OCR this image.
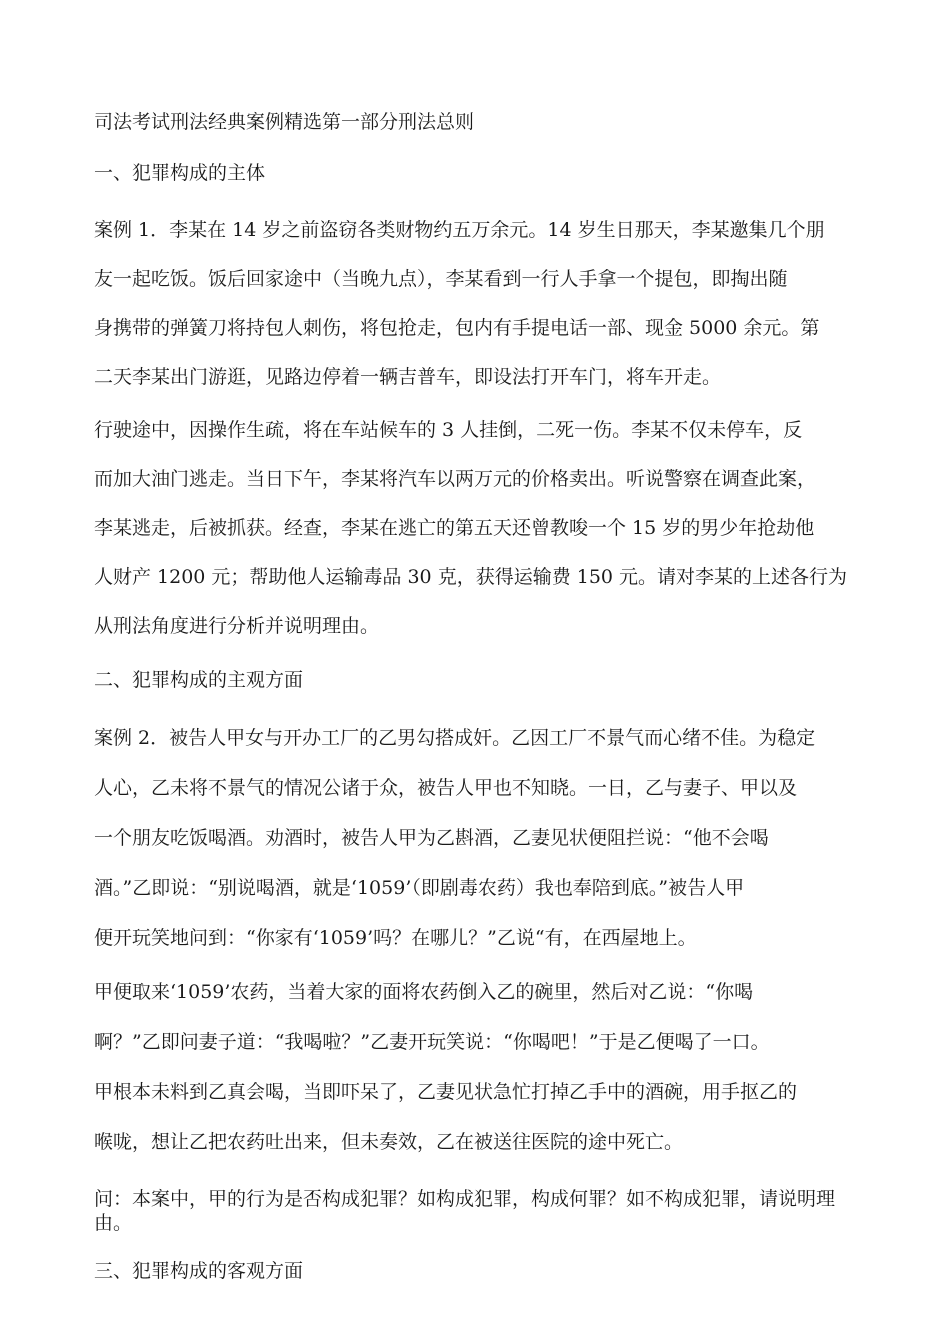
司法考试刑法经典案例精选第一部分刑法总则

一、犯罪构成的主体

案例 1．李某在 14 岁之前盗窃各类财物约五万余元。14 岁生日那天，李某邀集几个朋

友一起吃饭。饭后回家途中（当晚九点），李某看到一行人手拿一个提包，即掏出随

身携带的弹簧刀将持包人刺伤，将包抢走，包内有手提电话一部、现金 5000 余元。第

二天李某出门游逛，见路边停着一辆吉普车，即设法打开车门，将车开走。

行驶途中，因操作生疏，将在车站候车的 3 人挂倒，二死一伤。李某不仅未停车，反

而加大油门逃走。当日下午，李某将汽车以两万元的价格卖出。听说警察在调查此案，

李某逃走，后被抓获。经查，李某在逃亡的第五天还曾教唆一个 15 岁的男少年抢劫他

人财产 1200 元；帮助他人运输毒品 30 克，获得运输费 150 元。请对李某的上述各行为

从刑法角度进行分析并说明理由。

二、犯罪构成的主观方面

案例 2．被告人甲女与开办工厂的乙男勾搭成奸。乙因工厂不景气而心绪不佳。为稳定

人心，乙未将不景气的情况公诸于众，被告人甲也不知晓。一日，乙与妻子、甲以及

一个朋友吃饭喝酒。劝酒时，被告人甲为乙斟酒，乙妻见状便阻拦说：“他不会喝

酒。”乙即说：“别说喝酒，就是‘1059’（即剧毒农药）我也奉陪到底。”被告人甲

便开玩笑地问到：“你家有‘1059’吗？在哪儿？”乙说“有，在西屋地上。

甲便取来‘1059’农药，当着大家的面将农药倒入乙的碗里，然后对乙说：“你喝

啊？”乙即问妻子道：“我喝啦？”乙妻开玩笑说：“你喝吧！”于是乙便喝了一口。

甲根本未料到乙真会喝，当即吓呆了，乙妻见状急忙打掉乙手中的酒碗，用手抠乙的

喉咙，想让乙把农药吐出来，但未奏效，乙在被送往医院的途中死亡。

问：本案中，甲的行为是否构成犯罪？如构成犯罪，构成何罪？如不构成犯罪，请说明理由。

三、犯罪构成的客观方面
